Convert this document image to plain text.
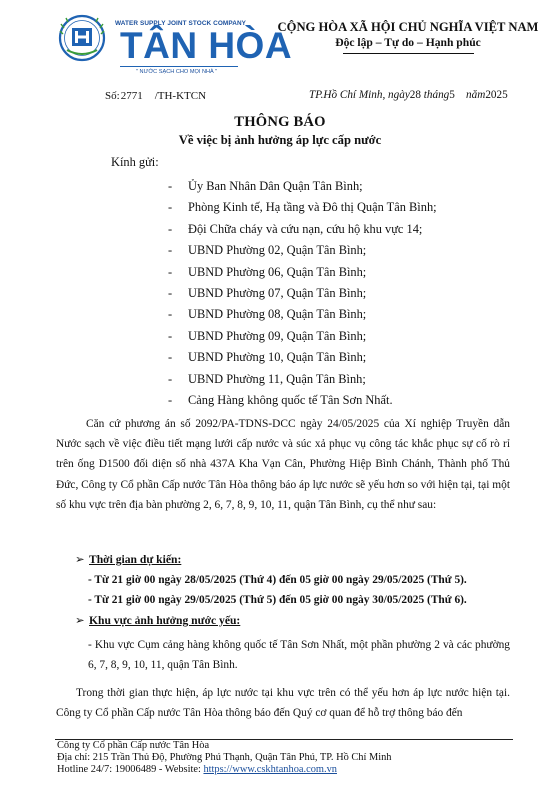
WATER SUPPLY JOINT STOCK COMPANY
TÂN HÒA
" NƯỚC SẠCH CHO MỌI NHÀ "
CỘNG HÒA XÃ HỘI CHỦ NGHĨA VIỆT NAM
Độc lập – Tự do – Hạnh phúc
Số:2771 /TH-KTCN	TP.Hồ Chí Minh, ngày28 tháng5 năm2025
THÔNG BÁO
Về việc bị ảnh hưởng áp lực cấp nước
Kính gửi:
- Ủy Ban Nhân Dân Quận Tân Bình;
- Phòng Kinh tế, Hạ tầng và Đô thị Quận Tân Bình;
- Đội Chữa cháy và cứu nạn, cứu hộ khu vực 14;
- UBND Phường 02, Quận Tân Bình;
- UBND Phường 06, Quận Tân Bình;
- UBND Phường 07, Quận Tân Bình;
- UBND Phường 08, Quận Tân Bình;
- UBND Phường 09, Quận Tân Bình;
- UBND Phường 10, Quận Tân Bình;
- UBND Phường 11, Quận Tân Bình;
- Cảng Hàng không quốc tế Tân Sơn Nhất.

Căn cứ phương án số 2092/PA-TDNS-DCC ngày 24/05/2025 của Xí nghiệp Truyền dẫn Nước sạch về việc điều tiết mạng lưới cấp nước và súc xả phục vụ công tác khắc phục sự cố rò rỉ trên ống D1500 đối diện số nhà 437A Kha Vạn Cân, Phường Hiệp Bình Chánh, Thành phố Thủ Đức, Công ty Cổ phần Cấp nước Tân Hòa thông báo áp lực nước sẽ yếu hơn so với hiện tại, tại một số khu vực trên địa bàn phường 2, 6, 7, 8, 9, 10, 11, quận Tân Bình, cụ thể như sau:

➢ Thời gian dự kiến:
- Từ 21 giờ 00 ngày 28/05/2025 (Thứ 4) đến 05 giờ 00 ngày 29/05/2025 (Thứ 5).
- Từ 21 giờ 00 ngày 29/05/2025 (Thứ 5) đến 05 giờ 00 ngày 30/05/2025 (Thứ 6).
➢ Khu vực ảnh hưởng nước yếu:
- Khu vực Cụm cảng hàng không quốc tế Tân Sơn Nhất, một phần phường 2 và các phường 6, 7, 8, 9, 10, 11, quận Tân Bình.

Trong thời gian thực hiện, áp lực nước tại khu vực trên có thể yếu hơn áp lực nước hiện tại. Công ty Cổ phần Cấp nước Tân Hòa thông báo đến Quý cơ quan để hỗ trợ thông báo đến

Công ty Cổ phần Cấp nước Tân Hòa
Địa chỉ: 215 Trần Thủ Độ, Phường Phú Thạnh, Quận Tân Phú, TP. Hồ Chí Minh
Hotline 24/7: 19006489 - Website: https://www.cskhtanhoa.com.vn
